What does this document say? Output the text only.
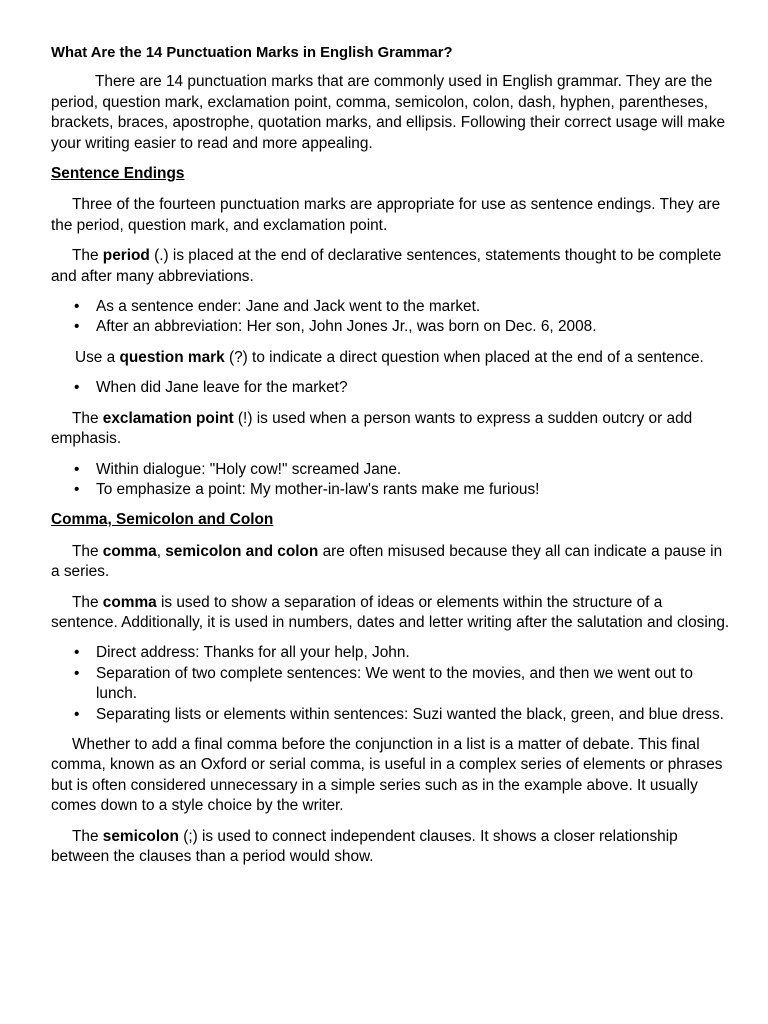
What Are the 14 Punctuation Marks in English Grammar?

There are 14 punctuation marks that are commonly used in English grammar. They are the period, question mark, exclamation point, comma, semicolon, colon, dash, hyphen, parentheses, brackets, braces, apostrophe, quotation marks, and ellipsis. Following their correct usage will make your writing easier to read and more appealing.

Sentence Endings

Three of the fourteen punctuation marks are appropriate for use as sentence endings. They are the period, question mark, and exclamation point.

The period (.) is placed at the end of declarative sentences, statements thought to be complete and after many abbreviations.

• As a sentence ender: Jane and Jack went to the market.
• After an abbreviation: Her son, John Jones Jr., was born on Dec. 6, 2008.

Use a question mark (?) to indicate a direct question when placed at the end of a sentence.

• When did Jane leave for the market?

The exclamation point (!) is used when a person wants to express a sudden outcry or add emphasis.

• Within dialogue: "Holy cow!" screamed Jane.
• To emphasize a point: My mother-in-law's rants make me furious!
Comma, Semicolon and Colon

The comma, semicolon and colon are often misused because they all can indicate a pause in a series.

The comma is used to show a separation of ideas or elements within the structure of a sentence. Additionally, it is used in numbers, dates and letter writing after the salutation and closing.

• Direct address: Thanks for all your help, John.
• Separation of two complete sentences: We went to the movies, and then we went out to lunch.
• Separating lists or elements within sentences: Suzi wanted the black, green, and blue dress.

Whether to add a final comma before the conjunction in a list is a matter of debate. This final comma, known as an Oxford or serial comma, is useful in a complex series of elements or phrases but is often considered unnecessary in a simple series such as in the example above. It usually comes down to a style choice by the writer.

The semicolon (;) is used to connect independent clauses. It shows a closer relationship between the clauses than a period would show.
